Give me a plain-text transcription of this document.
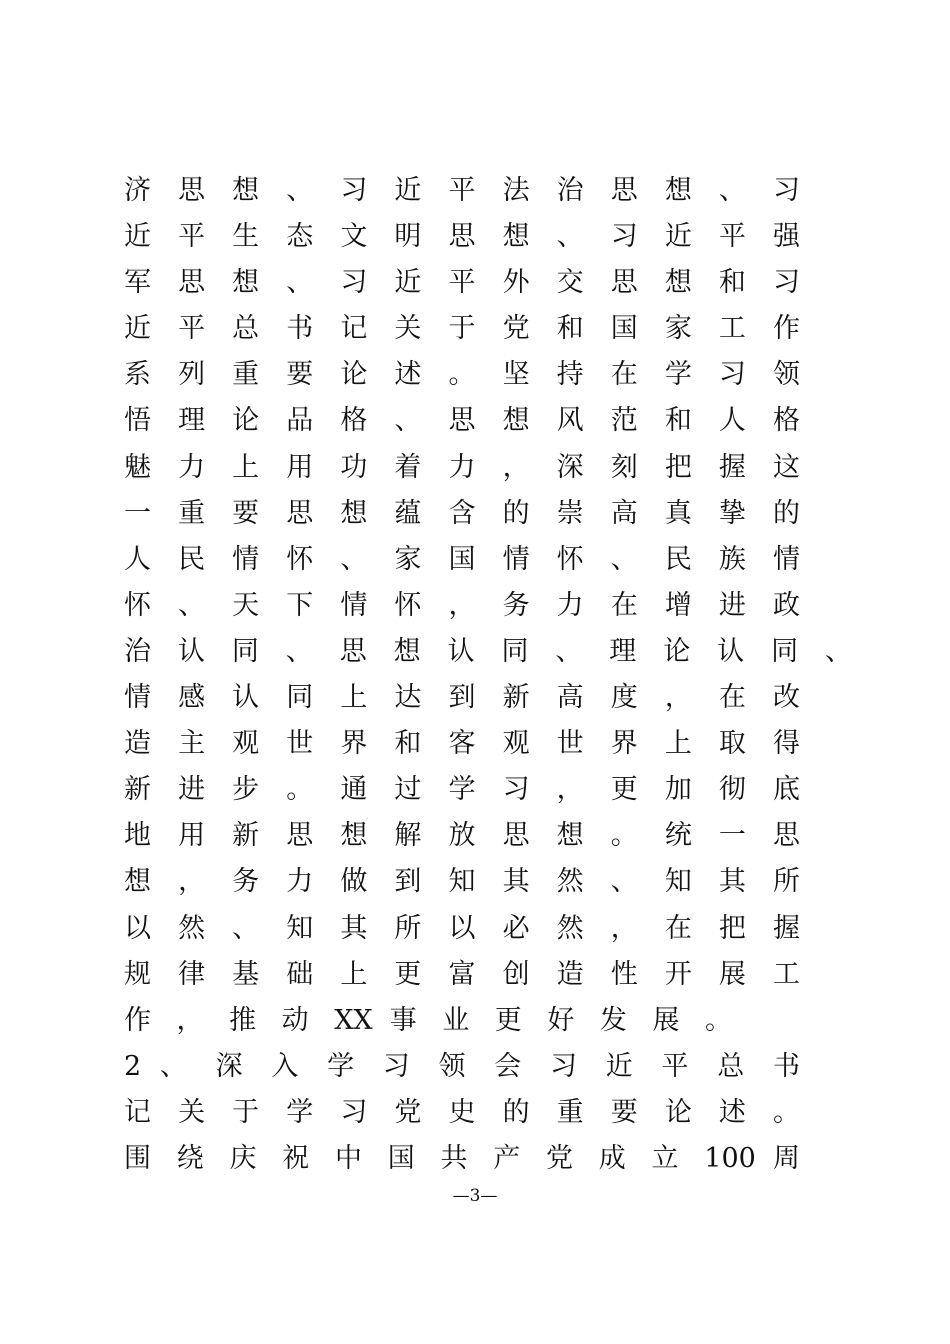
济 思 想 、 习 近 平 法 治 思 想 、 习
近 平 生 态 文 明 思 想 、 习 近 平 强
军 思 想 、 习 近 平 外 交 思 想 和 习
近 平 总 书 记 关 于 党 和 国 家 工 作
系 列 重 要 论 述 。 坚 持 在 学 习 领
悟 理 论 品 格 、 思 想 风 范 和 人 格
魅 力 上 用 功 着 力 ， 深 刻 把 握 这
一 重 要 思 想 蕴 含 的 崇 高 真 挚 的
人 民 情 怀 、 家 国 情 怀 、 民 族 情
怀 、 天 下 情 怀 ， 务 力 在 增 进 政
治 认 同 、 思 想 认 同 、 理 论 认 同 、
情 感 认 同 上 达 到 新 高 度 ， 在 改
造 主 观 世 界 和 客 观 世 界 上 取 得
新 进 步 。 通 过 学 习 ， 更 加 彻 底
地 用 新 思 想 解 放 思 想 。 统 一 思
想 ， 务 力 做 到 知 其 然 、 知 其 所
以 然 、 知 其 所 以 必 然 ， 在 把 握
规 律 基 础 上 更 富 创 造 性 开 展 工
作 ， 推 动 XX 事 业 更 好 发 展 。
2 、 深 入 学 习 领 会 习 近 平 总 书
记 关 于 学 习 党 史 的 重 要 论 述 。
围 绕 庆 祝 中 国 共 产 党 成 立 100 周
—3—
